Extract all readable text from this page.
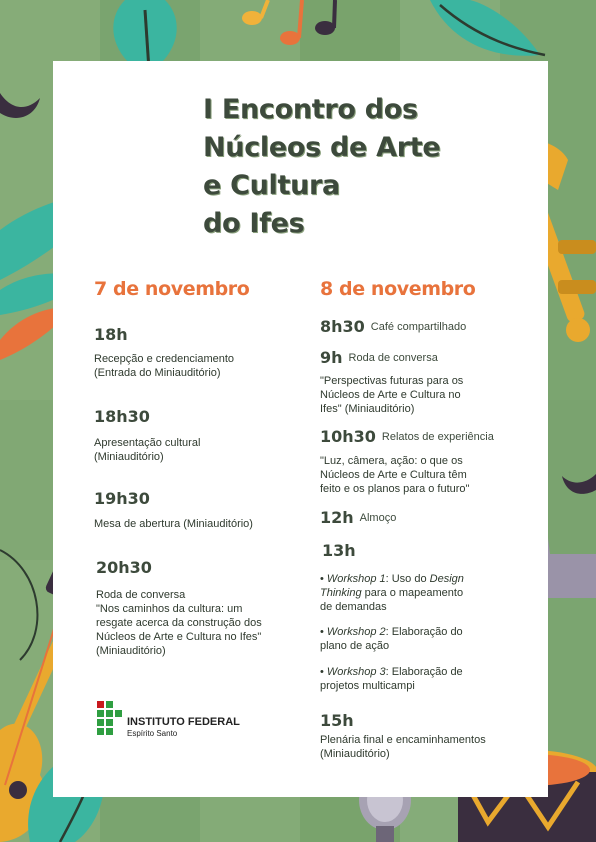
I Encontro dos
Núcleos de Arte
e Cultura
do Ifes
7 de novembro
18h
Recepção e credenciamento
(Entrada do Miniauditório)
18h30
Apresentação cultural
(Miniauditório)
19h30
Mesa de abertura (Miniauditório)
20h30
Roda de conversa
"Nos caminhos da cultura: um
resgate acerca da construção dos
Núcleos de Arte e Cultura no Ifes"
(Miniauditório)
INSTITUTO FEDERAL
Espírito Santo
8 de novembro
8h30 Café compartilhado
9h Roda de conversa
"Perspectivas futuras para os
Núcleos de Arte e Cultura no
Ifes" (Miniauditório)
10h30 Relatos de experiência
"Luz, câmera, ação: o que os
Núcleos de Arte e Cultura têm
feito e os planos para o futuro"
12h Almoço
13h
• Workshop 1: Uso do Design
Thinking para o mapeamento
de demandas
• Workshop 2: Elaboração do
plano de ação
• Workshop 3: Elaboração de
projetos multicampi
15h
Plenária final e encaminhamentos
(Miniauditório)
